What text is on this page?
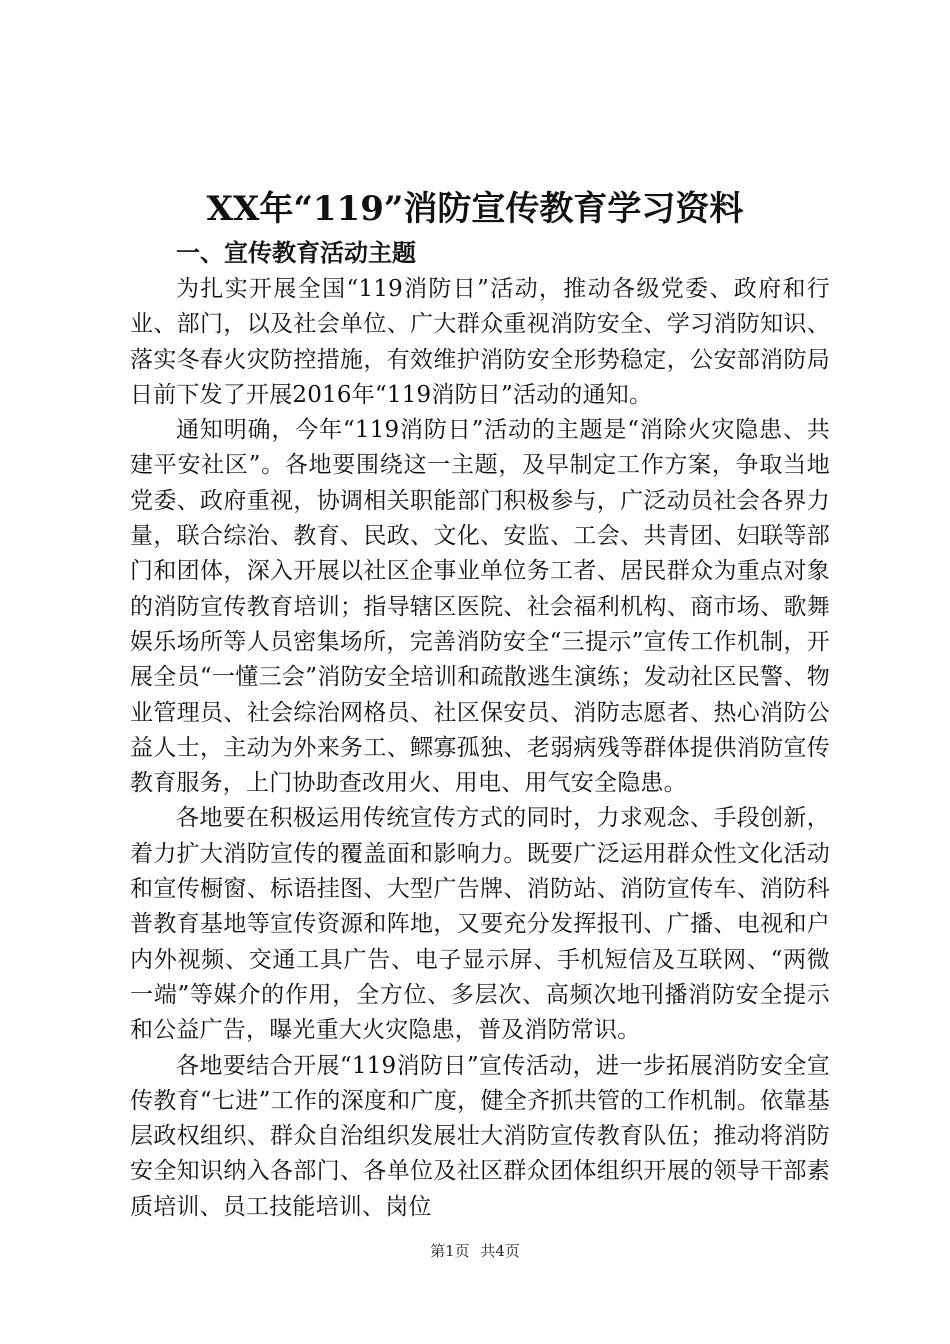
XX年“119”消防宣传教育学习资料
一、宣传教育活动主题

为扎实开展全国“119消防日”活动，推动各级党委、政府和行业、部门，以及社会单位、广大群众重视消防安全、学习消防知识、落实冬春火灾防控措施，有效维护消防安全形势稳定，公安部消防局日前下发了开展2016年“119消防日”活动的通知。

通知明确，今年“119消防日”活动的主题是“消除火灾隐患、共建平安社区”。各地要围绕这一主题，及早制定工作方案，争取当地党委、政府重视，协调相关职能部门积极参与，广泛动员社会各界力量，联合综治、教育、民政、文化、安监、工会、共青团、妇联等部门和团体，深入开展以社区企事业单位务工者、居民群众为重点对象的消防宣传教育培训；指导辖区医院、社会福利机构、商市场、歌舞娱乐场所等人员密集场所，完善消防安全“三提示”宣传工作机制，开展全员“一懂三会”消防安全培训和疏散逃生演练；发动社区民警、物业管理员、社会综治网格员、社区保安员、消防志愿者、热心消防公益人士，主动为外来务工、鳏寡孤独、老弱病残等群体提供消防宣传教育服务，上门协助查改用火、用电、用气安全隐患。

各地要在积极运用传统宣传方式的同时，力求观念、手段创新，着力扩大消防宣传的覆盖面和影响力。既要广泛运用群众性文化活动和宣传橱窗、标语挂图、大型广告牌、消防站、消防宣传车、消防科普教育基地等宣传资源和阵地，又要充分发挥报刊、广播、电视和户内外视频、交通工具广告、电子显示屏、手机短信及互联网、“两微一端”等媒介的作用，全方位、多层次、高频次地刊播消防安全提示和公益广告，曝光重大火灾隐患，普及消防常识。

各地要结合开展“119消防日”宣传活动，进一步拓展消防安全宣传教育“七进”工作的深度和广度，健全齐抓共管的工作机制。依靠基层政权组织、群众自治组织发展壮大消防宣传教育队伍；推动将消防安全知识纳入各部门、各单位及社区群众团体组织开展的领导干部素质培训、员工技能培训、岗位

第1页 共4页
